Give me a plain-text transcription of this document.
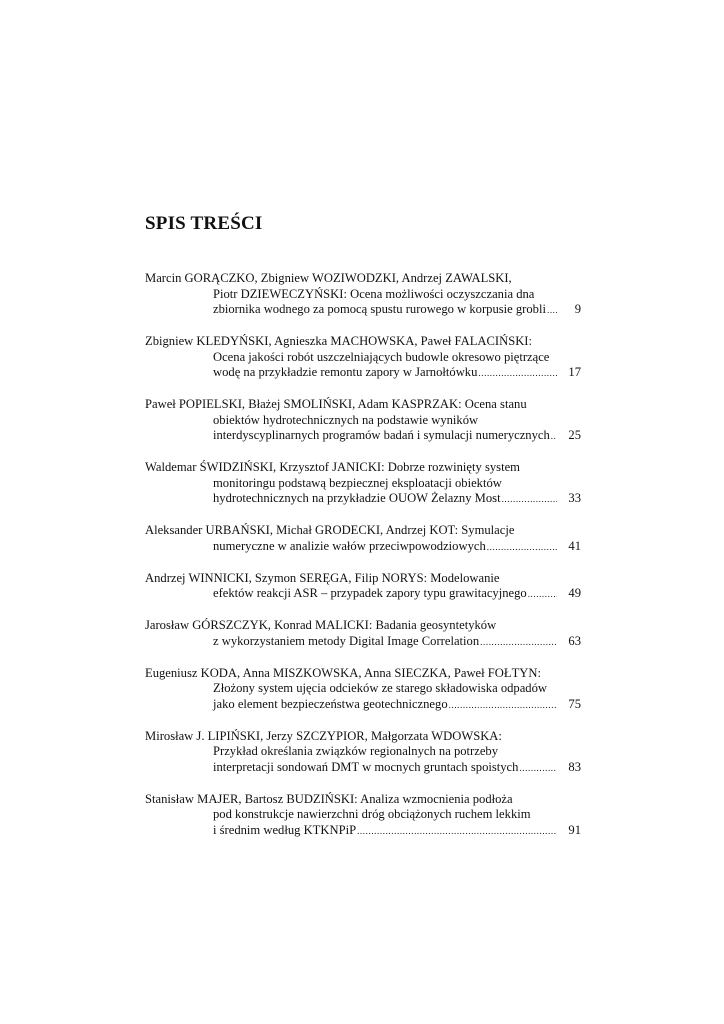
SPIS TREŚCI
Marcin GORĄCZKO, Zbigniew WOZIWODZKI, Andrzej ZAWALSKI,
Piotr DZIEWECZYŃSKI: Ocena możliwości oczyszczania dna
zbiornika wodnego za pomocą spustu rurowego w korpusie grobli .....	9
Zbigniew KLEDYŃSKI, Agnieszka MACHOWSKA, Paweł FALACIŃSKI:
Ocena jakości robót uszczelniających budowle okresowo piętrzące
wodę na przykładzie remontu zapory w Jarnołtówku .....	17
Paweł POPIELSKI, Błażej SMOLIŃSKI, Adam KASPRZAK: Ocena stanu
obiektów hydrotechnicznych na podstawie wyników
interdyscyplinarnych programów badań i symulacji numerycznych .....	25
Waldemar ŚWIDZIŃSKI, Krzysztof JANICKI: Dobrze rozwinięty system
monitoringu podstawą bezpiecznej eksploatacji obiektów
hydrotechnicznych na przykładzie OUOW Żelazny Most .....	33
Aleksander URBAŃSKI, Michał GRODECKI, Andrzej KOT: Symulacje
numeryczne w analizie wałów przeciwpowodziowych .....	41
Andrzej WINNICKI, Szymon SERĘGA, Filip NORYS: Modelowanie
efektów reakcji ASR – przypadek zapory typu grawitacyjnego .....	49
Jarosław GÓRSZCZYK, Konrad MALICKI: Badania geosyntetyków
z wykorzystaniem metody Digital Image Correlation .....	63
Eugeniusz KODA, Anna MISZKOWSKA, Anna SIECZKA, Paweł FOŁTYN:
Złożony system ujęcia odcieków ze starego składowiska odpadów
jako element bezpieczeństwa geotechnicznego .....	75
Mirosław J. LIPIŃSKI, Jerzy SZCZYPIOR, Małgorzata WDOWSKA:
Przykład określania związków regionalnych na potrzeby
interpretacji sondowań DMT w mocnych gruntach spoistych .....	83
Stanisław MAJER, Bartosz BUDZIŃSKI: Analiza wzmocnienia podłoża
pod konstrukcje nawierzchni dróg obciążonych ruchem lekkim
i średnim według KTKNPiP .....	91
